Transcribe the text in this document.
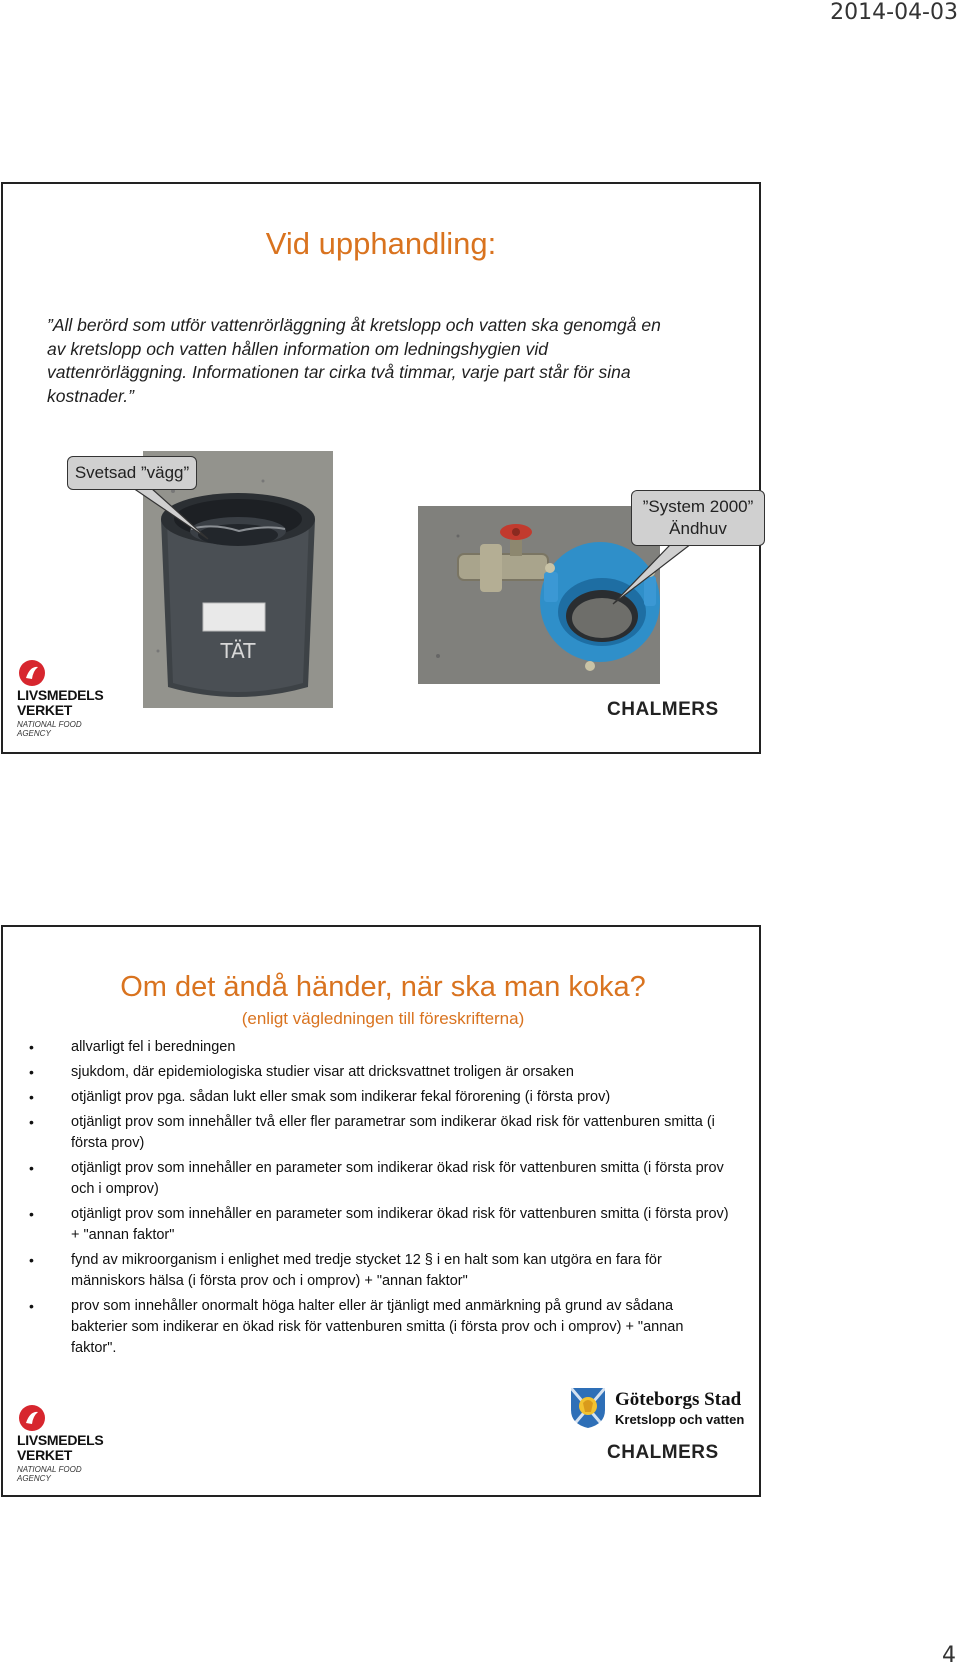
2014-04-03
Vid upphandling:
”All berörd som utför vattenrörläggning åt kretslopp och vatten ska genomgå en
av kretslopp och vatten hållen information om ledningshygien vid
vattenrörläggning. Informationen tar cirka två timmar, varje part står för sina
kostnader.”
TÄT
Svetsad ”vägg”
”System 2000”
Ändhuv
LIVSMEDELS
VERKET
NATIONAL FOOD
AGENCY
CHALMERS
Om det ändå händer, när ska man koka?
(enligt vägledningen till föreskrifterna)
•	allvarligt fel i beredningen
•	sjukdom, där epidemiologiska studier visar att dricksvattnet troligen är orsaken
•	otjänligt prov pga. sådan lukt eller smak som indikerar fekal förorening (i första prov)
•	otjänligt prov som innehåller två eller fler parametrar som indikerar ökad risk för vattenburen smitta (i första prov)
•	otjänligt prov som innehåller en parameter som indikerar ökad risk för vattenburen smitta (i första prov och i omprov)
•	otjänligt prov som innehåller en parameter som indikerar ökad risk för vattenburen smitta (i första prov) + "annan faktor"
•	fynd av mikroorganism i enlighet med tredje stycket 12 § i en halt som kan utgöra en fara för människors hälsa (i första prov och i omprov) + "annan faktor"
•	prov som innehåller onormalt höga halter eller är tjänligt med anmärkning på grund av sådana bakterier som indikerar en ökad risk för vattenburen smitta (i första prov och i omprov) + "annan faktor".
LIVSMEDELS
VERKET
NATIONAL FOOD
AGENCY
Göteborgs Stad
Kretslopp och vatten
CHALMERS
4
